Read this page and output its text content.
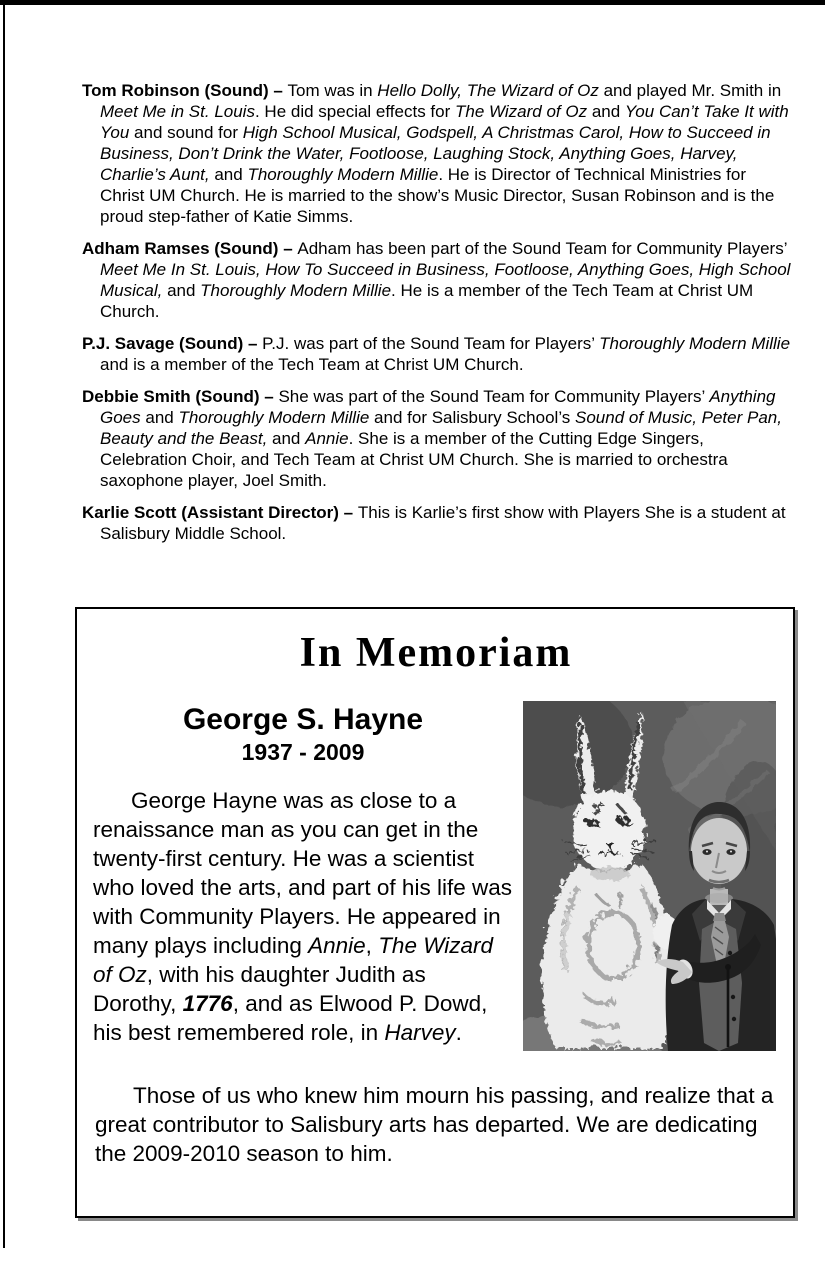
Tom Robinson (Sound) – Tom was in Hello Dolly, The Wizard of Oz and played Mr. Smith in Meet Me in St. Louis. He did special effects for The Wizard of Oz and You Can’t Take It with You and sound for High School Musical, Godspell, A Christmas Carol, How to Succeed in Business, Don’t Drink the Water, Footloose, Laughing Stock, Anything Goes, Harvey, Charlie’s Aunt, and Thoroughly Modern Millie. He is Director of Technical Ministries for Christ UM Church. He is married to the show’s Music Director, Susan Robinson and is the proud step-father of Katie Simms.

Adham Ramses (Sound) – Adham has been part of the Sound Team for Community Players’ Meet Me In St. Louis, How To Succeed in Business, Footloose, Anything Goes, High School Musical, and Thoroughly Modern Millie. He is a member of the Tech Team at Christ UM Church.

P.J. Savage (Sound) – P.J. was part of the Sound Team for Players’ Thoroughly Modern Millie and is a member of the Tech Team at Christ UM Church.

Debbie Smith (Sound) – She was part of the Sound Team for Community Players’ Anything Goes and Thoroughly Modern Millie and for Salisbury School’s Sound of Music, Peter Pan, Beauty and the Beast, and Annie. She is a member of the Cutting Edge Singers, Celebration Choir, and Tech Team at Christ UM Church. She is married to orchestra saxophone player, Joel Smith.

Karlie Scott (Assistant Director) – This is Karlie’s first show with Players She is a student at Salisbury Middle School.

In Memoriam
George S. Hayne
1937 - 2009

George Hayne was as close to a renaissance man as you can get in the twenty-first century. He was a scientist who loved the arts, and part of his life was with Community Players. He appeared in many plays including Annie, The Wizard of Oz, with his daughter Judith as Dorothy, 1776, and as Elwood P. Dowd, his best remembered role, in Harvey.

Those of us who knew him mourn his passing, and realize that a great contributor to Salisbury arts has departed. We are dedicating the 2009-2010 season to him.
